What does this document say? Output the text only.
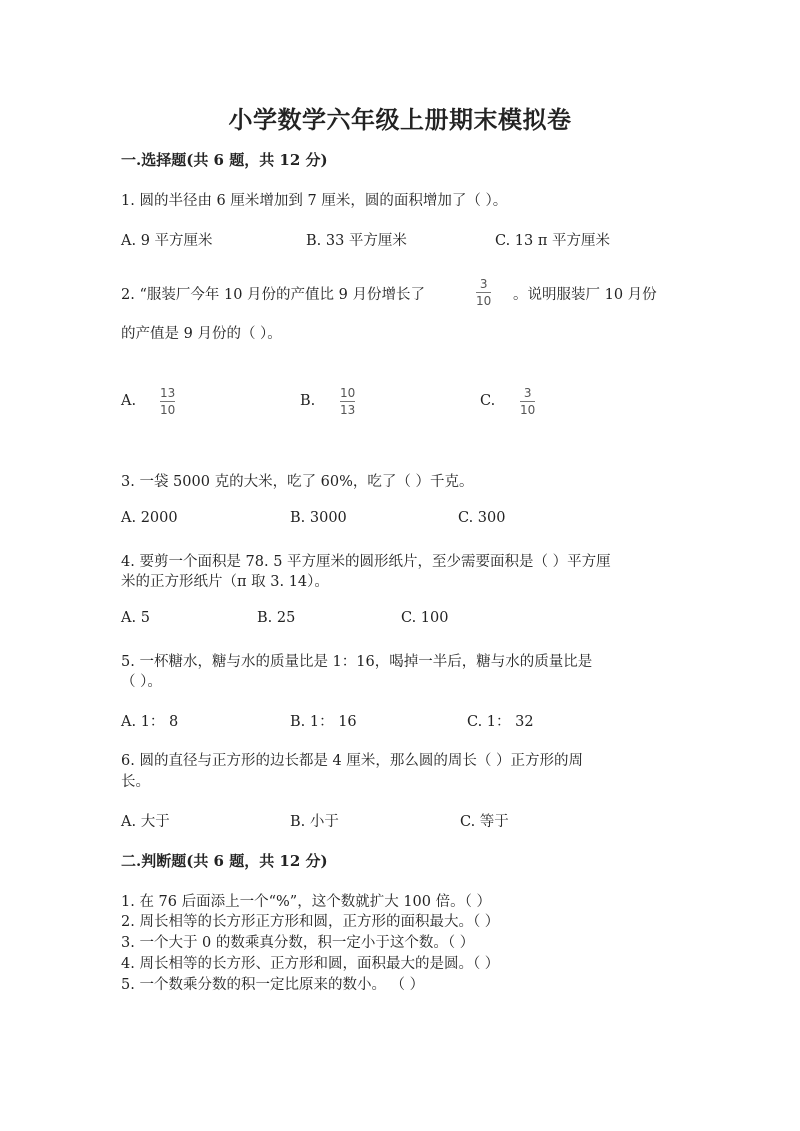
小学数学六年级上册期末模拟卷
一.选择题(共 6 题，共 12 分)
1. 圆的半径由 6 厘米增加到 7 厘米，圆的面积增加了（ ）。
A. 9 平方厘米	B. 33 平方厘米	C. 13 π 平方厘米
2. “服装厂今年 10 月份的产值比 9 月份增长了
3
10 。说明服装厂 10 月份
的产值是 9 月份的（ ）。
A. 13
10
B. 10
13
C. 3
10
3. 一袋 5000 克的大米，吃了 60%，吃了（ ）千克。
A. 2000	B. 3000	C. 300
4. 要剪一个面积是 78. 5 平方厘米的圆形纸片，至少需要面积是（ ）平方厘
米的正方形纸片（π 取 3. 14）。
A. 5	B. 25	C. 100
5. 一杯糖水，糖与水的质量比是 1：16，喝掉一半后，糖与水的质量比是
（ ）。
A. 1： 8	B. 1： 16	C. 1： 32
6. 圆的直径与正方形的边长都是 4 厘米，那么圆的周长（ ）正方形的周
长。
A. 大于	B. 小于	C. 等于
二.判断题(共 6 题，共 12 分)
1. 在 76 后面添上一个“%”，这个数就扩大 100 倍。（ ）
2. 周长相等的长方形正方形和圆，正方形的面积最大。（ ）
3. 一个大于 0 的数乘真分数，积一定小于这个数。（ ）
4. 周长相等的长方形、正方形和圆，面积最大的是圆。（ ）
5. 一个数乘分数的积一定比原来的数小。 （ ）
